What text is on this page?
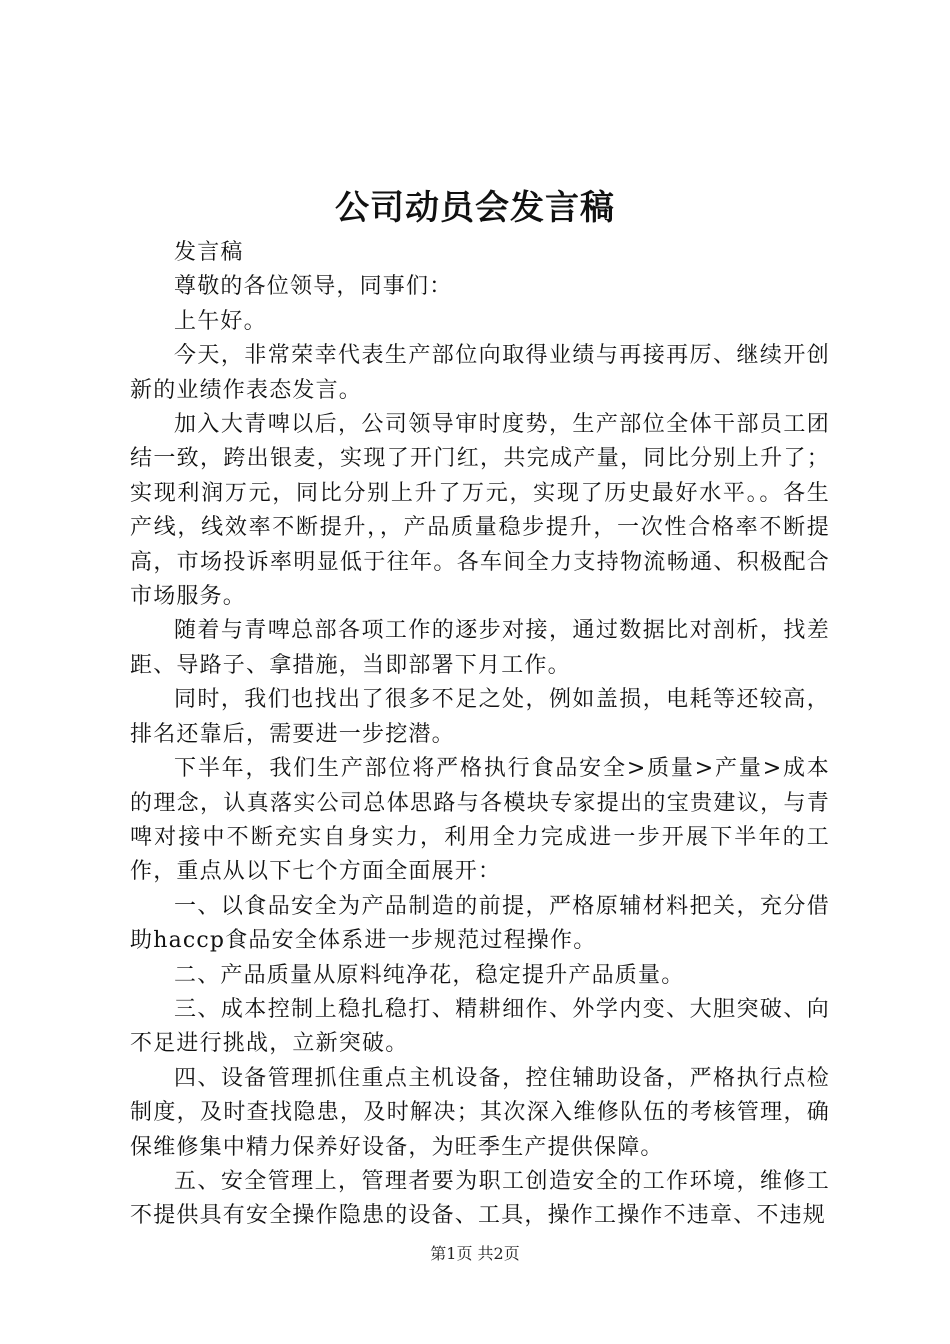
公司动员会发言稿

发言稿

尊敬的各位领导，同事们：

上午好。

今天，非常荣幸代表生产部位向取得业绩与再接再厉、继续开创新的业绩作表态发言。

加入大青啤以后，公司领导审时度势，生产部位全体干部员工团结一致，跨出银麦，实现了开门红，共完成产量，同比分别上升了；实现利润万元，同比分别上升了万元，实现了历史最好水平。。各生产线，线效率不断提升，，产品质量稳步提升，一次性合格率不断提高，市场投诉率明显低于往年。各车间全力支持物流畅通、积极配合市场服务。

随着与青啤总部各项工作的逐步对接，通过数据比对剖析，找差距、导路子、拿措施，当即部署下月工作。

同时，我们也找出了很多不足之处，例如盖损，电耗等还较高，排名还靠后，需要进一步挖潜。

下半年，我们生产部位将严格执行食品安全>质量>产量>成本的理念，认真落实公司总体思路与各模块专家提出的宝贵建议，与青啤对接中不断充实自身实力，利用全力完成进一步开展下半年的工作，重点从以下七个方面全面展开：

一、以食品安全为产品制造的前提，严格原辅材料把关，充分借助haccp食品安全体系进一步规范过程操作。

二、产品质量从原料纯净花，稳定提升产品质量。

三、成本控制上稳扎稳打、精耕细作、外学内变、大胆突破、向不足进行挑战，立新突破。

四、设备管理抓住重点主机设备，控住辅助设备，严格执行点检制度，及时查找隐患，及时解决；其次深入维修队伍的考核管理，确保维修集中精力保养好设备，为旺季生产提供保障。

五、安全管理上，管理者要为职工创造安全的工作环境，维修工不提供具有安全操作隐患的设备、工具，操作工操作不违章、不违规

第1页 共2页
